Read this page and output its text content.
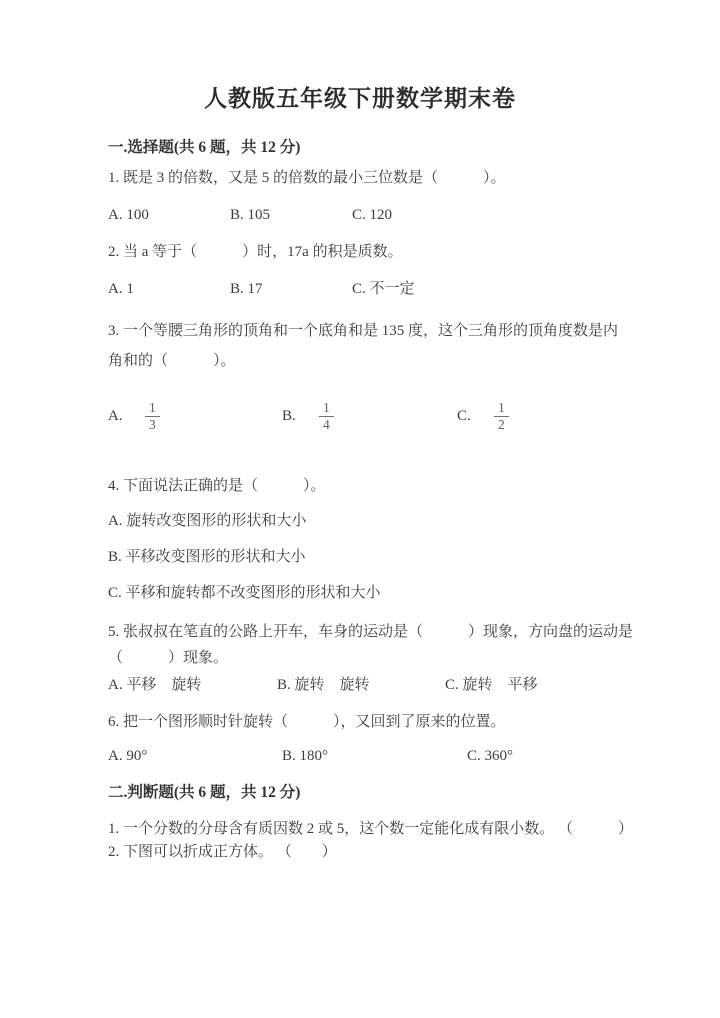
人教版五年级下册数学期末卷
一.选择题(共 6 题，共 12 分)
1. 既是 3 的倍数，又是 5 的倍数的最小三位数是（　　　）。
A. 100	B. 105	C. 120
2. 当 a 等于（　　　）时，17a 的积是质数。
A. 1	B. 17	C. 不一定
3. 一个等腰三角形的顶角和一个底角和是 135 度，这个三角形的顶角度数是内
角和的（　　　）。
A.	$\frac{1}{3}$	B.	$\frac{1}{4}$	C.	$\frac{1}{2}$
4. 下面说法正确的是（　　　）。
A. 旋转改变图形的形状和大小
B. 平移改变图形的形状和大小
C. 平移和旋转都不改变图形的形状和大小
5. 张叔叔在笔直的公路上开车，车身的运动是（　　　）现象，方向盘的运动是
（　　　）现象。
A. 平移　旋转	B. 旋转　旋转	C. 旋转　平移
6. 把一个图形顺时针旋转（　　　），又回到了原来的位置。
A. 90°	B. 180°	C. 360°
二.判断题(共 6 题，共 12 分)
1. 一个分数的分母含有质因数 2 或 5，这个数一定能化成有限小数。 （　　　）
2. 下图可以折成正方体。 （　　）
